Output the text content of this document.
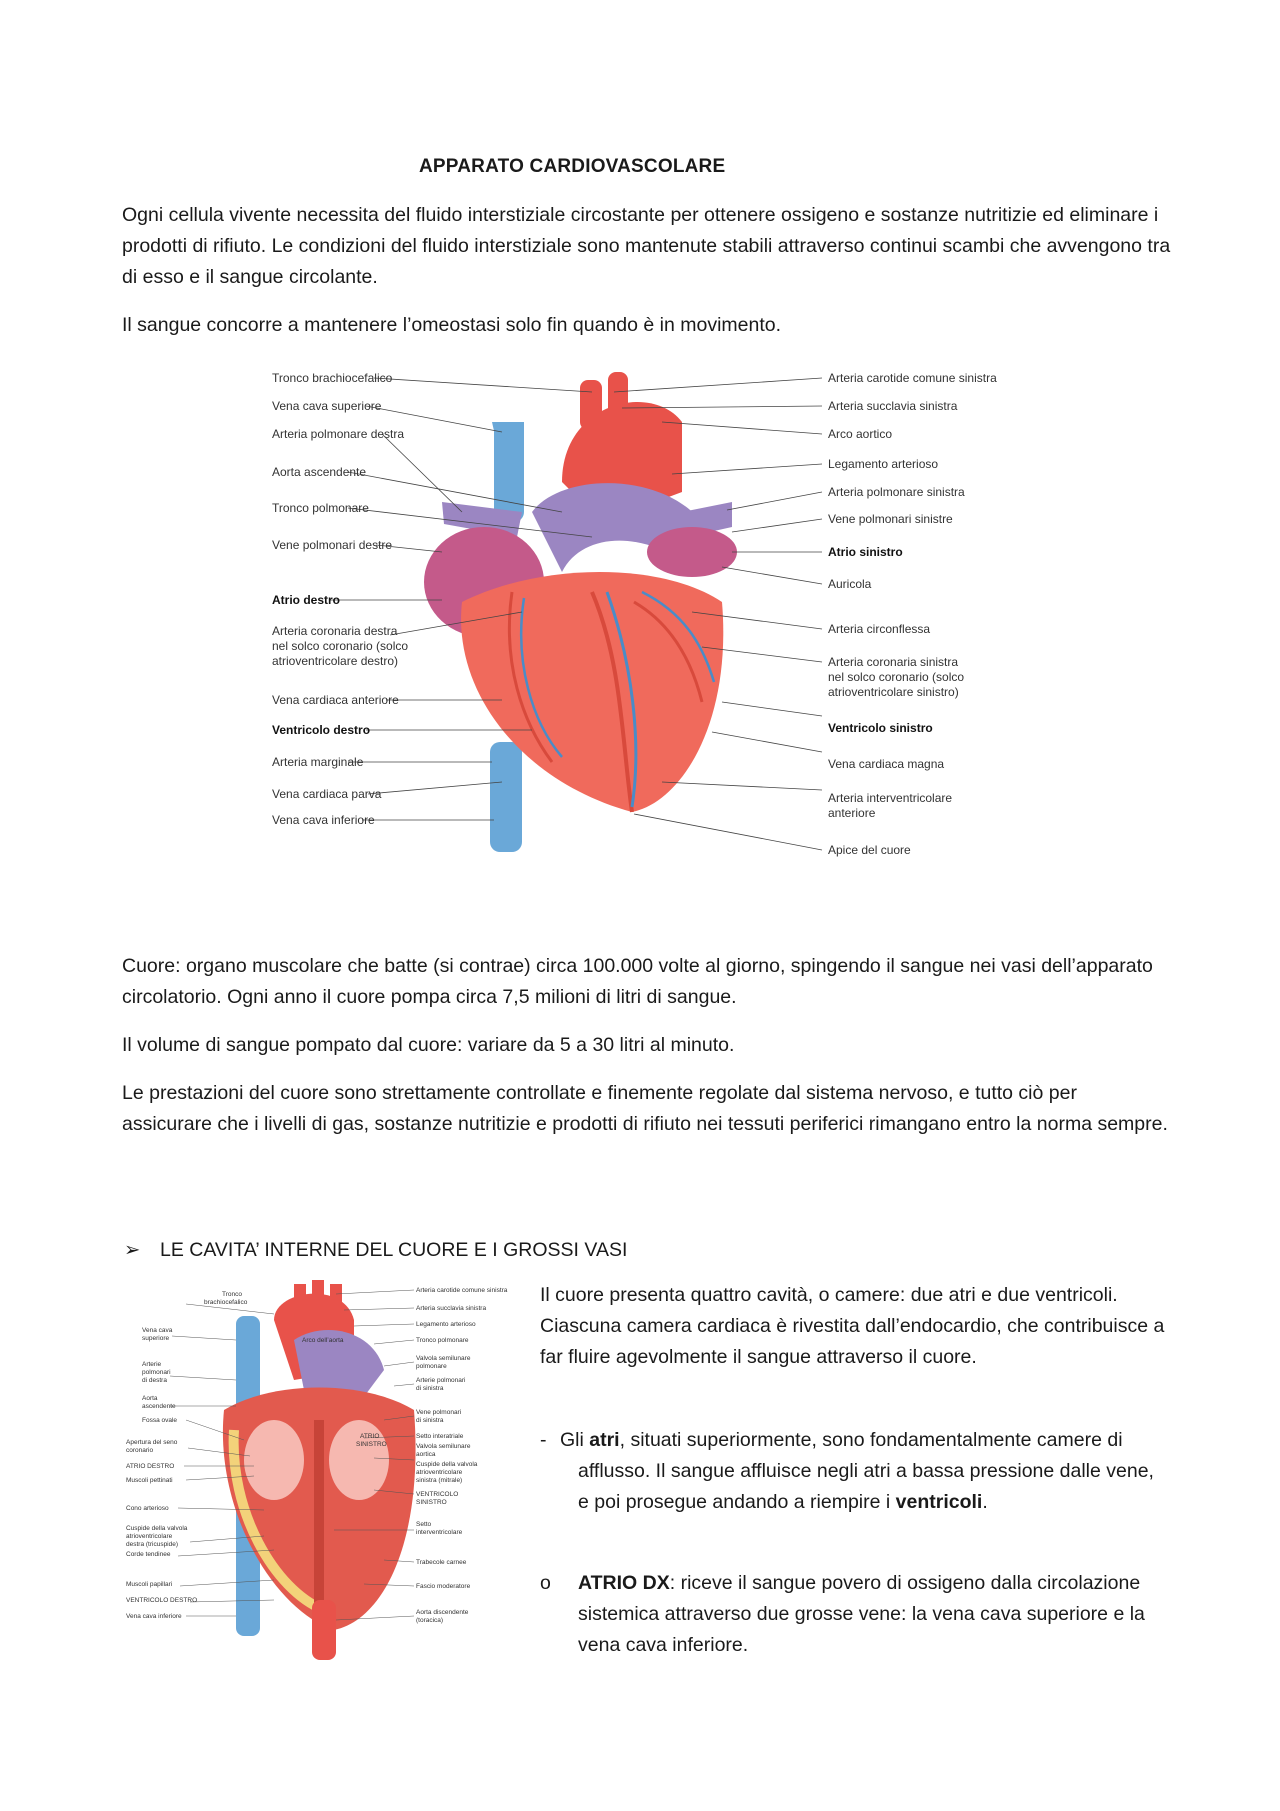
APPARATO CARDIOVASCOLARE

Ogni cellula vivente necessita del fluido interstiziale circostante per ottenere ossigeno e sostanze nutritizie ed eliminare i prodotti di rifiuto. Le condizioni del fluido interstiziale sono mantenute stabili attraverso continui scambi che avvengono tra di esso e il sangue circolante.

Il sangue concorre a mantenere l’omeostasi solo fin quando è in movimento.

Tronco brachiocefalico
Vena cava superiore
Arteria polmonare destra
Aorta ascendente
Tronco polmonare
Vene polmonari destre
Atrio destro
Arteria coronaria destra
nel solco coronario (solco
atrioventricolare destro)
Vena cardiaca anteriore
Ventricolo destro
Arteria marginale
Vena cardiaca parva
Vena cava inferiore
Arteria carotide comune sinistra
Arteria succlavia sinistra
Arco aortico
Legamento arterioso
Arteria polmonare sinistra
Vene polmonari sinistre
Atrio sinistro
Auricola
Arteria circonflessa
Arteria coronaria sinistra
nel solco coronario (solco
atrioventricolare sinistro)
Ventricolo sinistro
Vena cardiaca magna
Arteria interventricolare
anteriore
Apice del cuore

Cuore: organo muscolare che batte (si contrae) circa 100.000 volte al giorno, spingendo il sangue nei vasi dell’apparato circolatorio. Ogni anno il cuore pompa circa 7,5 milioni di litri di sangue.

Il volume di sangue pompato dal cuore: variare da 5 a 30 litri al minuto.

Le prestazioni del cuore sono strettamente controllate e finemente regolate dal sistema nervoso, e tutto ciò per assicurare che i livelli di gas, sostanze nutritizie e prodotti di rifiuto nei tessuti periferici rimangano entro la norma sempre.

➢ LE CAVITA’ INTERNE DEL CUORE E I GROSSI VASI
Tronco
brachiocefalico
Vena cava
superiore
Arterie
polmonari
di destra
Aorta
ascendente
Fossa ovale
Apertura del seno
coronario
ATRIO DESTRO
Muscoli pettinati
Cono arterioso
Cuspide della valvola
atrioventricolare
destra (tricuspide)
Corde tendinee
Muscoli papillari
VENTRICOLO DESTRO
Vena cava inferiore
Arteria carotide comune sinistra
Arteria succlavia sinistra
Legamento arterioso
Tronco polmonare
Valvola semilunare
polmonare
Arterie polmonari
di sinistra
Vene polmonari
di sinistra
Setto interatriale
Valvola semilunare
aortica
Cuspide della valvola
atrioventricolare
sinistra (mitrale)
VENTRICOLO
SINISTRO
Setto
interventricolare
Trabecole carnee
Fascio moderatore
Aorta discendente
(toracica)
Arco dell’aorta
ATRIO
SINISTRO

Il cuore presenta quattro cavità, o camere: due atri e due ventricoli. Ciascuna camera cardiaca è rivestita dall’endocardio, che contribuisce a far fluire agevolmente il sangue attraverso il cuore.

- Gli atri, situati superiormente, sono fondamentalmente camere di afflusso. Il sangue affluisce negli atri a bassa pressione dalle vene, e poi prosegue andando a riempire i ventricoli.
o	ATRIO DX: riceve il sangue povero di ossigeno dalla circolazione sistemica attraverso due grosse vene: la vena cava superiore e la vena cava inferiore.
